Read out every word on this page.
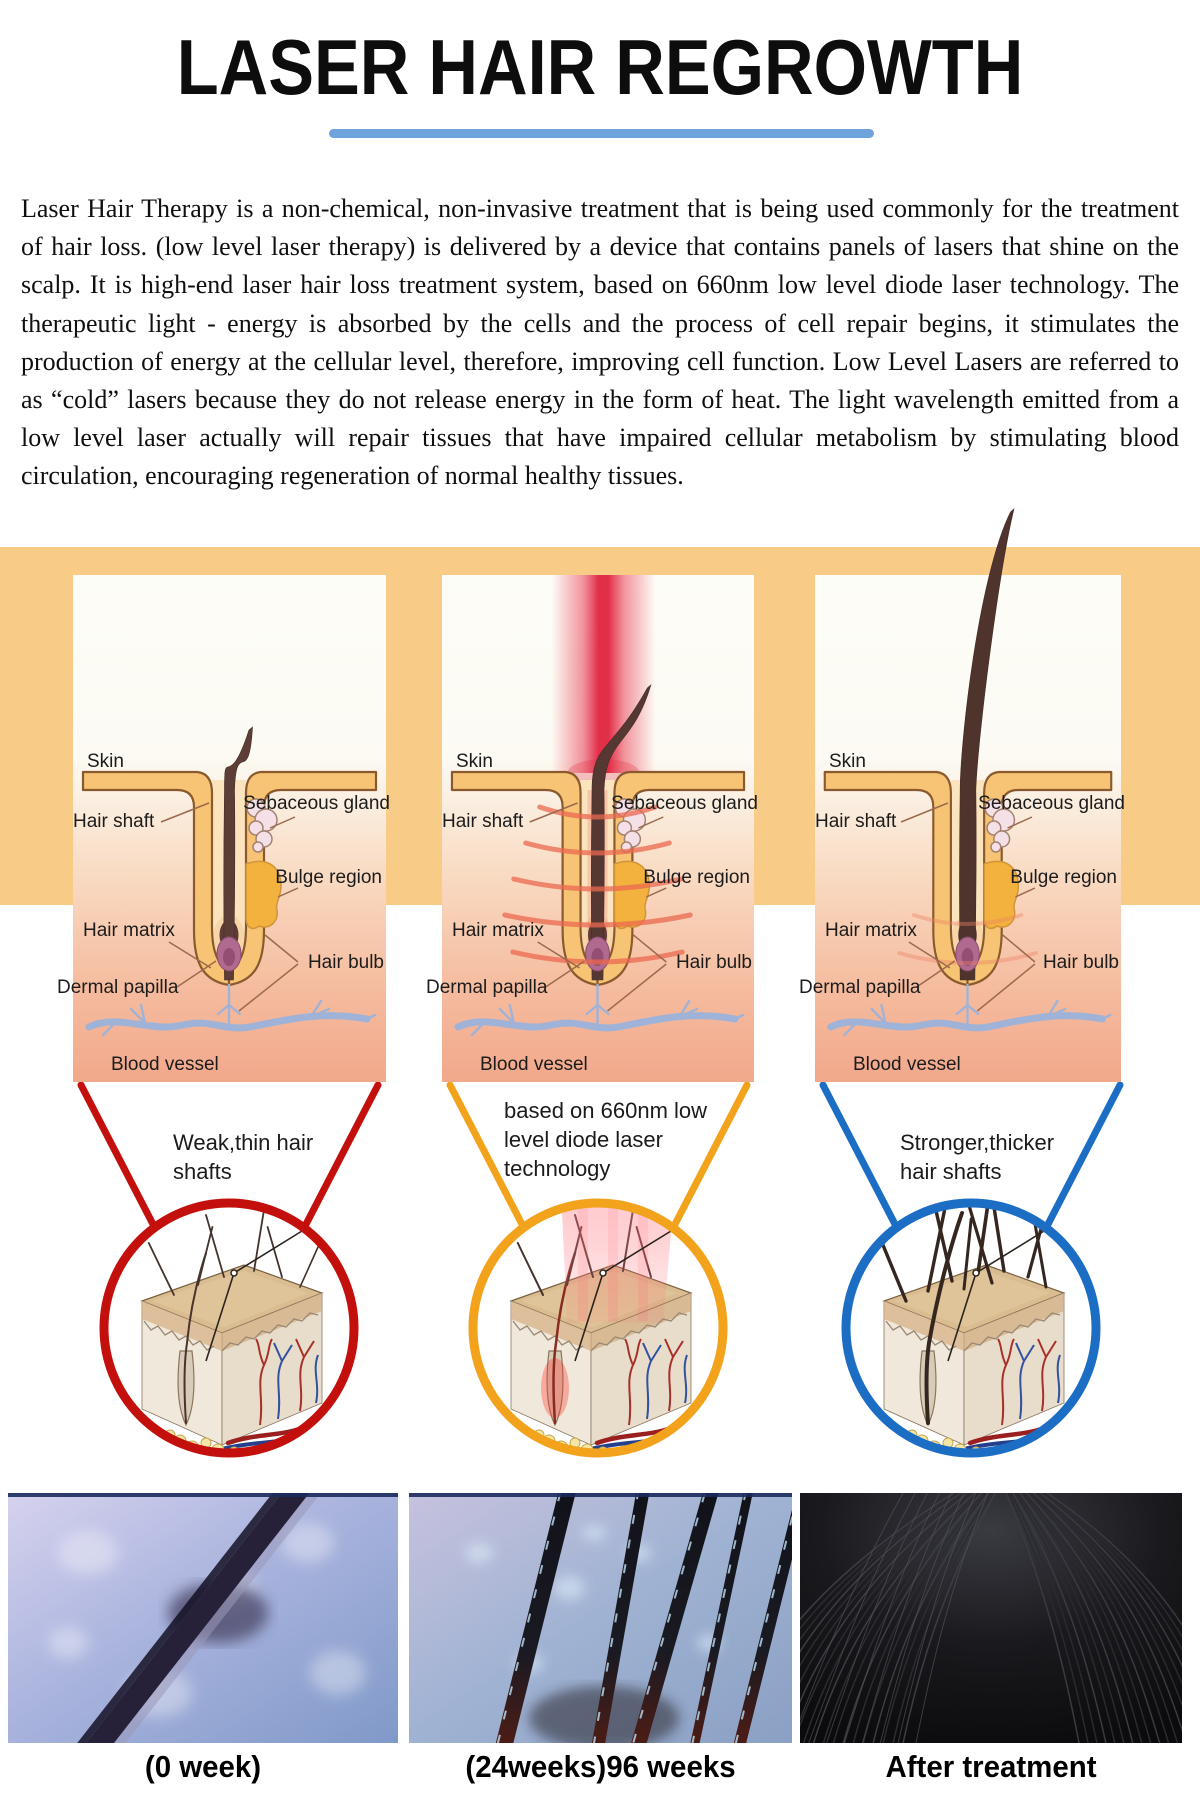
LASER HAIR REGROWTH

Laser Hair Therapy is a non-chemical, non-invasive treatment that is being used commonly for the treatment of hair loss. (low level laser therapy) is delivered by a device that contains panels of lasers that shine on the scalp. It is high-end laser hair loss treatment system, based on 660nm low level diode laser technology. The therapeutic light - energy is absorbed by the cells and the process of cell repair begins, it stimulates the production of energy at the cellular level, therefore, improving cell function. Low Level Lasers are referred to as “cold” lasers because they do not release energy in the form of heat. The light wavelength emitted from a low level laser actually will repair tissues that have impaired cellular metabolism by stimulating blood circulation, encouraging regeneration of normal healthy tissues.

Skin
Hair shaft
Sebaceous gland
Bulge region
Hair matrix
Hair bulb
Dermal papilla
Blood vessel
Skin
Hair shaft
Sebaceous gland
Bulge region
Hair matrix
Hair bulb
Dermal papilla
Blood vessel
Skin
Hair shaft
Sebaceous gland
Bulge region
Hair matrix
Hair bulb
Dermal papilla
Blood vessel
Weak,thin hair shafts
based on 660nm low level diode laser technology
Stronger,thicker hair shafts

(0 week)	(24weeks)96 weeks	After treatment
